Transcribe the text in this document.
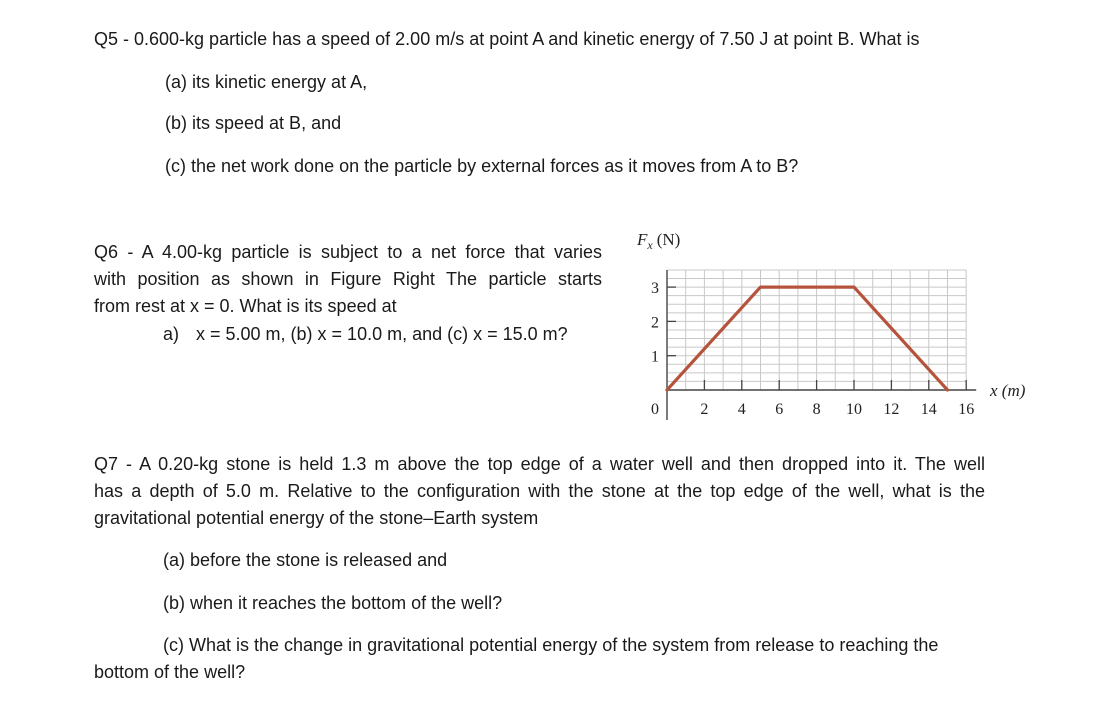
Q5 - 0.600-kg particle has a speed of 2.00 m/s at point A and kinetic energy of 7.50 J at point B. What is
(a) its kinetic energy at A,
(b) its speed at B, and
(c) the net work done on the particle by external forces as it moves from A to B?
Q6 - A 4.00-kg particle is subject to a net force that varies
with position as shown in Figure Right The particle starts
from rest at x = 0. What is its speed at
a) x = 5.00 m, (b) x = 10.0 m, and (c) x = 15.0 m?
$F_x$ (N)
x (m)
1
2
3
0	2 4 6 8 10 12 14 16
Q7 - A 0.20-kg stone is held 1.3 m above the top edge of a water well and then dropped into it. The well
has a depth of 5.0 m. Relative to the configuration with the stone at the top edge of the well, what is the
gravitational potential energy of the stone–Earth system
(a) before the stone is released and
(b) when it reaches the bottom of the well?
(c) What is the change in gravitational potential energy of the system from release to reaching the
bottom of the well?
